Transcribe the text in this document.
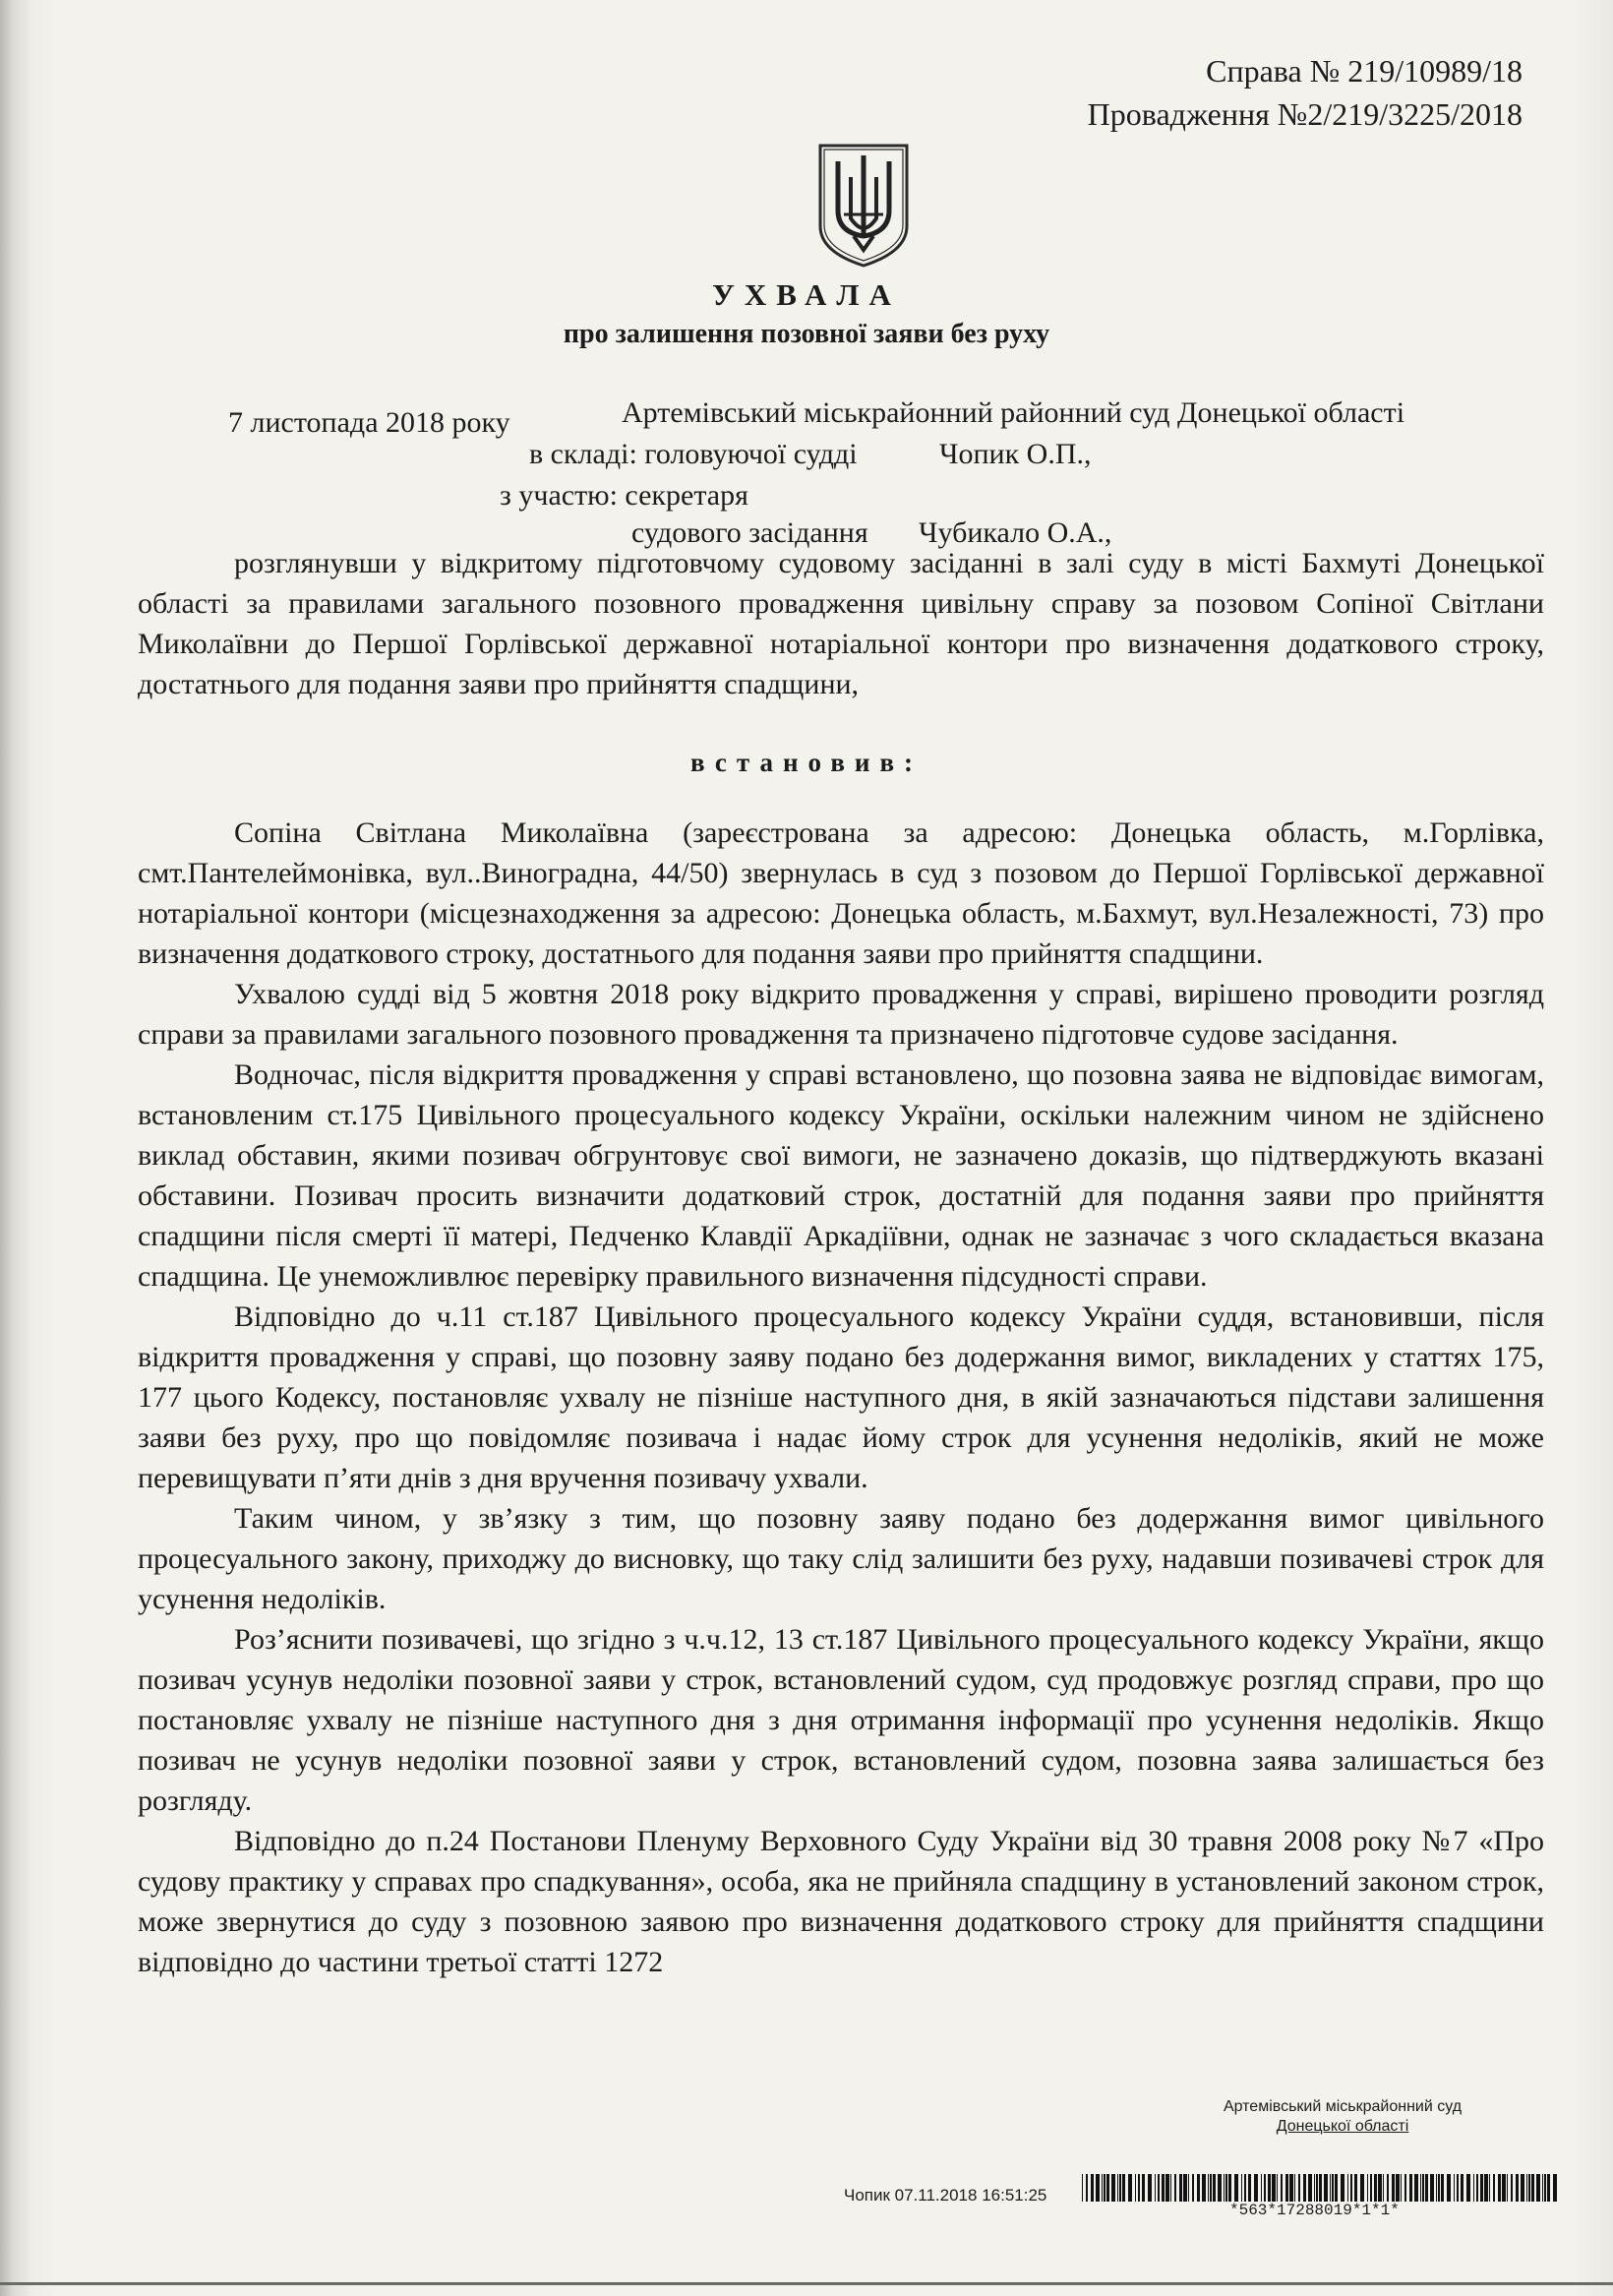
Справа № 219/10989/18
Провадження №2/219/3225/2018
УХВАЛА
про залишення позовної заяви без руху
7 листопада 2018 року	Артемівський міськрайонний районний суд Донецької області
в складі: головуючої судді	Чопик О.П.,
з участю: секретаря
судового засідання Чубикало О.А.,

розглянувши у відкритому підготовчому судовому засіданні в залі суду в місті Бахмуті Донецької області за правилами загального позовного провадження цивільну справу за позовом Сопіної Світлани Миколаївни до Першої Горлівської державної нотаріальної контори про визначення додаткового строку, достатнього для подання заяви про прийняття спадщини,

встановив:

Сопіна Світлана Миколаївна (зареєстрована за адресою: Донецька область, м.Горлівка, смт.Пантелеймонівка, вул..Виноградна, 44/50) звернулась в суд з позовом до Першої Горлівської державної нотаріальної контори (місцезнаходження за адресою: Донецька область, м.Бахмут, вул.Незалежності, 73) про визначення додаткового строку, достатнього для подання заяви про прийняття спадщини.

Ухвалою судді від 5 жовтня 2018 року відкрито провадження у справі, вирішено проводити розгляд справи за правилами загального позовного провадження та призначено підготовче судове засідання.

Водночас, після відкриття провадження у справі встановлено, що позовна заява не відповідає вимогам, встановленим ст.175 Цивільного процесуального кодексу України, оскільки належним чином не здійснено виклад обставин, якими позивач обгрунтовує свої вимоги, не зазначено доказів, що підтверджують вказані обставини. Позивач просить визначити додатковий строк, достатній для подання заяви про прийняття спадщини після смерті її матері, Педченко Клавдії Аркадіївни, однак не зазначає з чого складається вказана спадщина. Це унеможливлює перевірку правильного визначення підсудності справи.

Відповідно до ч.11 ст.187 Цивільного процесуального кодексу України суддя, встановивши, після відкриття провадження у справі, що позовну заяву подано без додержання вимог, викладених у статтях 175, 177 цього Кодексу, постановляє ухвалу не пізніше наступного дня, в якій зазначаються підстави залишення заяви без руху, про що повідомляє позивача і надає йому строк для усунення недоліків, який не може перевищувати п’яти днів з дня вручення позивачу ухвали.

Таким чином, у зв’язку з тим, що позовну заяву подано без додержання вимог цивільного процесуального закону, приходжу до висновку, що таку слід залишити без руху, надавши позивачеві строк для усунення недоліків.

Роз’яснити позивачеві, що згідно з ч.ч.12, 13 ст.187 Цивільного процесуального кодексу України, якщо позивач усунув недоліки позовної заяви у строк, встановлений судом, суд продовжує розгляд справи, про що постановляє ухвалу не пізніше наступного дня з дня отримання інформації про усунення недоліків. Якщо позивач не усунув недоліки позовної заяви у строк, встановлений судом, позовна заява залишається без розгляду.

Відповідно до п.24 Постанови Пленуму Верховного Суду України від 30 травня 2008 року №7 «Про судову практику у справах про спадкування», особа, яка не прийняла спадщину в установлений законом строк, може звернутися до суду з позовною заявою про визначення додаткового строку для прийняття спадщини відповідно до частини третьої статті 1272

Артемівський міськрайонний суд
Донецької області
Чопик 07.11.2018 16:51:25
*563*17288019*1*1*
